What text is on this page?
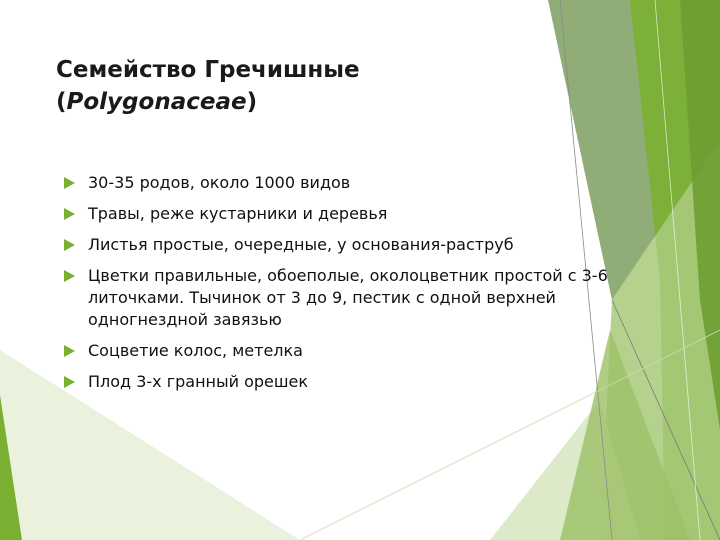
Семейство Гречишные
(Polygonaceae)
30-35 родов, около 1000 видов
Травы, реже кустарники и деревья
Листья простые, очередные, у основания-раструб
Цветки правильные, обоеполые, околоцветник простой с 3-6 литочками. Тычинок от 3 до 9, пестик с одной верхней одногнездной завязью
Соцветие колос, метелка
Плод 3-х гранный орешек
